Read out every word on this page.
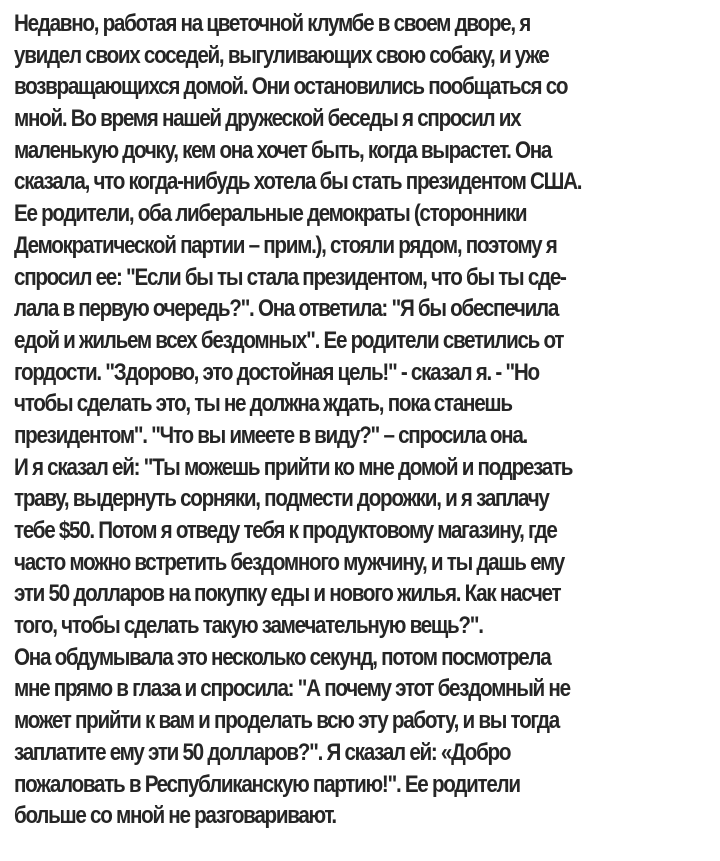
Недавно, работая на цветочной клумбе в своем дворе, я
увидел своих соседей, выгуливающих свою собаку, и уже
возвращающихся домой. Они остановились пообщаться со
мной. Во время нашей дружеской беседы я спросил их
маленькую дочку, кем она хочет быть, когда вырастет. Она
сказала, что когда-нибудь хотела бы стать президентом США.
Ее родители, оба либеральные демократы (сторонники
Демократической партии – прим.), стояли рядом, поэтому я
спросил ее: "Если бы ты стала президентом, что бы ты сде-
лала в первую очередь?". Она ответила: "Я бы обеспечила
едой и жильем всех бездомных". Ее родители светились от
гордости. "Здорово, это достойная цель!" - сказал я. - "Но
чтобы сделать это, ты не должна ждать, пока станешь
президентом". "Что вы имеете в виду?" – спросила она.
И я сказал ей: "Ты можешь прийти ко мне домой и подрезать
траву, выдернуть сорняки, подмести дорожки, и я заплачу
тебе $50. Потом я отведу тебя к продуктовому магазину, где
часто можно встретить бездомного мужчину, и ты дашь ему
эти 50 долларов на покупку еды и нового жилья. Как насчет
того, чтобы сделать такую замечательную вещь?".
Она обдумывала это несколько секунд, потом посмотрела
мне прямо в глаза и спросила: "А почему этот бездомный не
может прийти к вам и проделать всю эту работу, и вы тогда
заплатите ему эти 50 долларов?". Я сказал ей: «Добро
пожаловать в Республиканскую партию!". Ее родители
больше со мной не разговаривают.
